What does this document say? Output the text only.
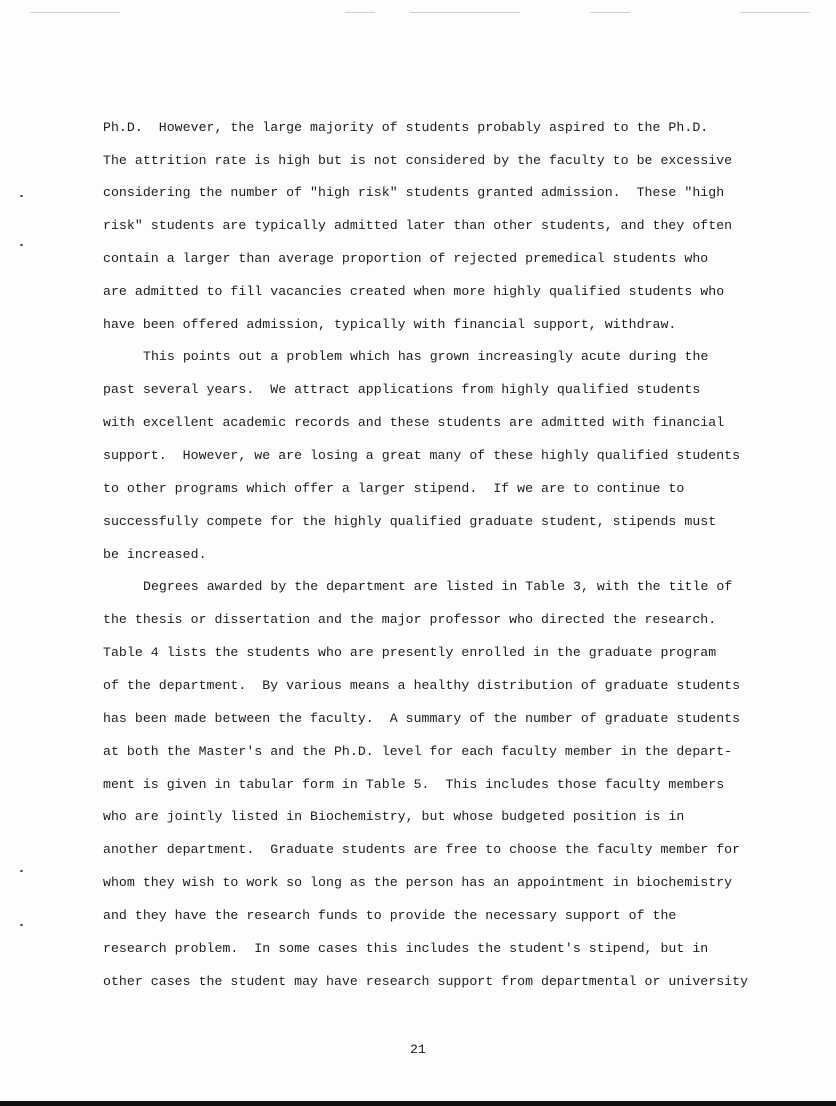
Ph.D.  However, the large majority of students probably aspired to the Ph.D.
The attrition rate is high but is not considered by the faculty to be excessive
considering the number of "high risk" students granted admission.  These "high
risk" students are typically admitted later than other students, and they often
contain a larger than average proportion of rejected premedical students who
are admitted to fill vacancies created when more highly qualified students who
have been offered admission, typically with financial support, withdraw.
This points out a problem which has grown increasingly acute during the
past several years.  We attract applications from highly qualified students
with excellent academic records and these students are admitted with financial
support.  However, we are losing a great many of these highly qualified students
to other programs which offer a larger stipend.  If we are to continue to
successfully compete for the highly qualified graduate student, stipends must
be increased.
Degrees awarded by the department are listed in Table 3, with the title of
the thesis or dissertation and the major professor who directed the research.
Table 4 lists the students who are presently enrolled in the graduate program
of the department.  By various means a healthy distribution of graduate students
has been made between the faculty.  A summary of the number of graduate students
at both the Master's and the Ph.D. level for each faculty member in the depart-
ment is given in tabular form in Table 5.  This includes those faculty members
who are jointly listed in Biochemistry, but whose budgeted position is in
another department.  Graduate students are free to choose the faculty member for
whom they wish to work so long as the person has an appointment in biochemistry
and they have the research funds to provide the necessary support of the
research problem.  In some cases this includes the student's stipend, but in
other cases the student may have research support from departmental or university
21
